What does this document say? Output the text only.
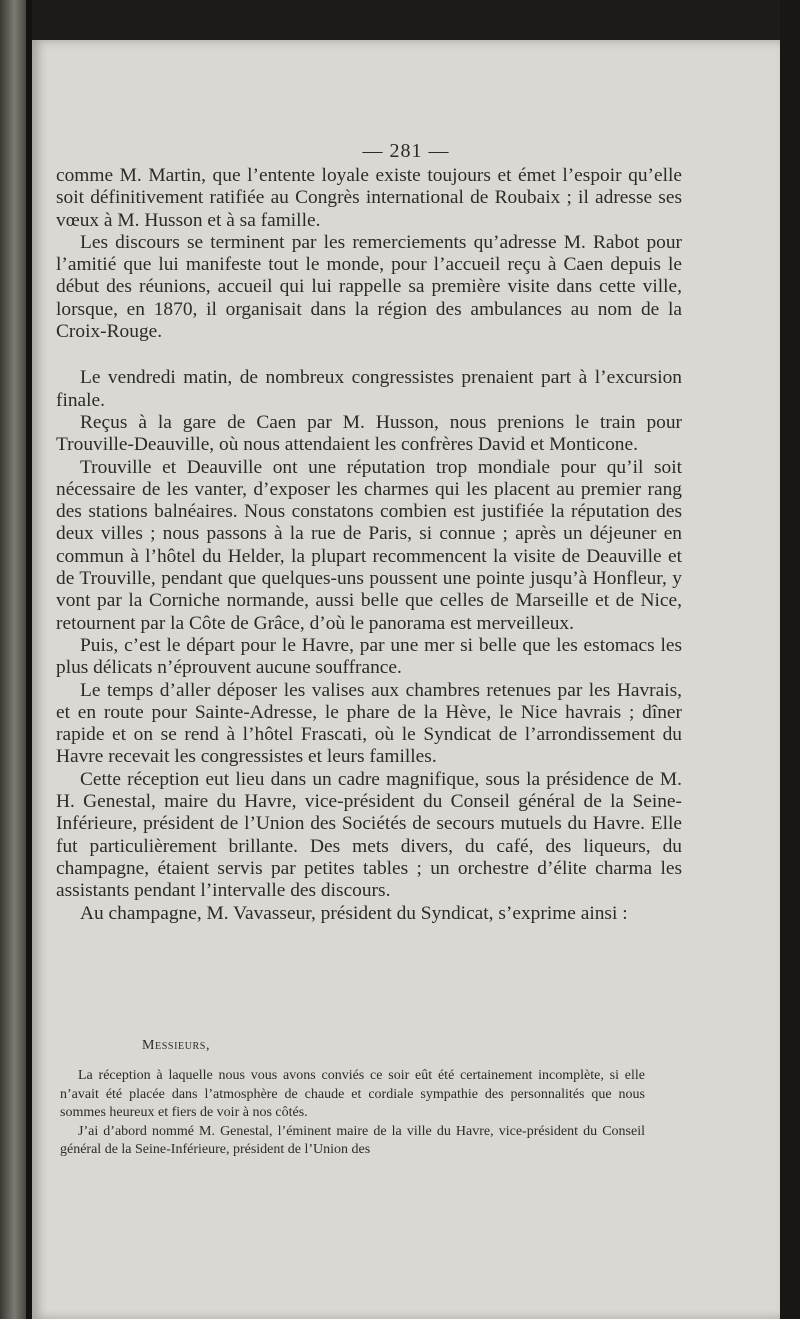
— 281 —

comme M. Martin, que l’entente loyale existe toujours et émet l’espoir qu’elle soit définitivement ratifiée au Congrès international de Roubaix ; il adresse ses vœux à M. Husson et à sa famille.

Les discours se terminent par les remerciements qu’adresse M. Rabot pour l’amitié que lui manifeste tout le monde, pour l’accueil reçu à Caen depuis le début des réunions, accueil qui lui rappelle sa première visite dans cette ville, lorsque, en 1870, il organisait dans la région des ambulances au nom de la Croix-Rouge.

Le vendredi matin, de nombreux congressistes prenaient part à l’excursion finale.

Reçus à la gare de Caen par M. Husson, nous prenions le train pour Trouville-Deauville, où nous attendaient les confrères David et Monticone.

Trouville et Deauville ont une réputation trop mondiale pour qu’il soit nécessaire de les vanter, d’exposer les charmes qui les placent au premier rang des stations balnéaires. Nous constatons combien est justifiée la réputation des deux villes ; nous passons à la rue de Paris, si connue ; après un déjeuner en commun à l’hôtel du Helder, la plupart recommencent la visite de Deauville et de Trouville, pendant que quelques-uns poussent une pointe jusqu’à Honfleur, y vont par la Corniche normande, aussi belle que celles de Marseille et de Nice, retournent par la Côte de Grâce, d’où le panorama est merveilleux.

Puis, c’est le départ pour le Havre, par une mer si belle que les estomacs les plus délicats n’éprouvent aucune souffrance.

Le temps d’aller déposer les valises aux chambres retenues par les Havrais, et en route pour Sainte-Adresse, le phare de la Hève, le Nice havrais ; dîner rapide et on se rend à l’hôtel Frascati, où le Syndicat de l’arrondissement du Havre recevait les congressistes et leurs familles.

Cette réception eut lieu dans un cadre magnifique, sous la présidence de M. H. Genestal, maire du Havre, vice-président du Conseil général de la Seine-Inférieure, président de l’Union des Sociétés de secours mutuels du Havre. Elle fut particulièrement brillante. Des mets divers, du café, des liqueurs, du champagne, étaient servis par petites tables ; un orchestre d’élite charma les assistants pendant l’intervalle des discours.

Au champagne, M. Vavasseur, président du Syndicat, s’exprime ainsi :

Messieurs,

La réception à laquelle nous vous avons conviés ce soir eût été certainement incomplète, si elle n’avait été placée dans l’atmosphère de chaude et cordiale sympathie des personnalités que nous sommes heureux et fiers de voir à nos côtés.

J’ai d’abord nommé M. Genestal, l’éminent maire de la ville du Havre, vice-président du Conseil général de la Seine-Inférieure, président de l’Union des
